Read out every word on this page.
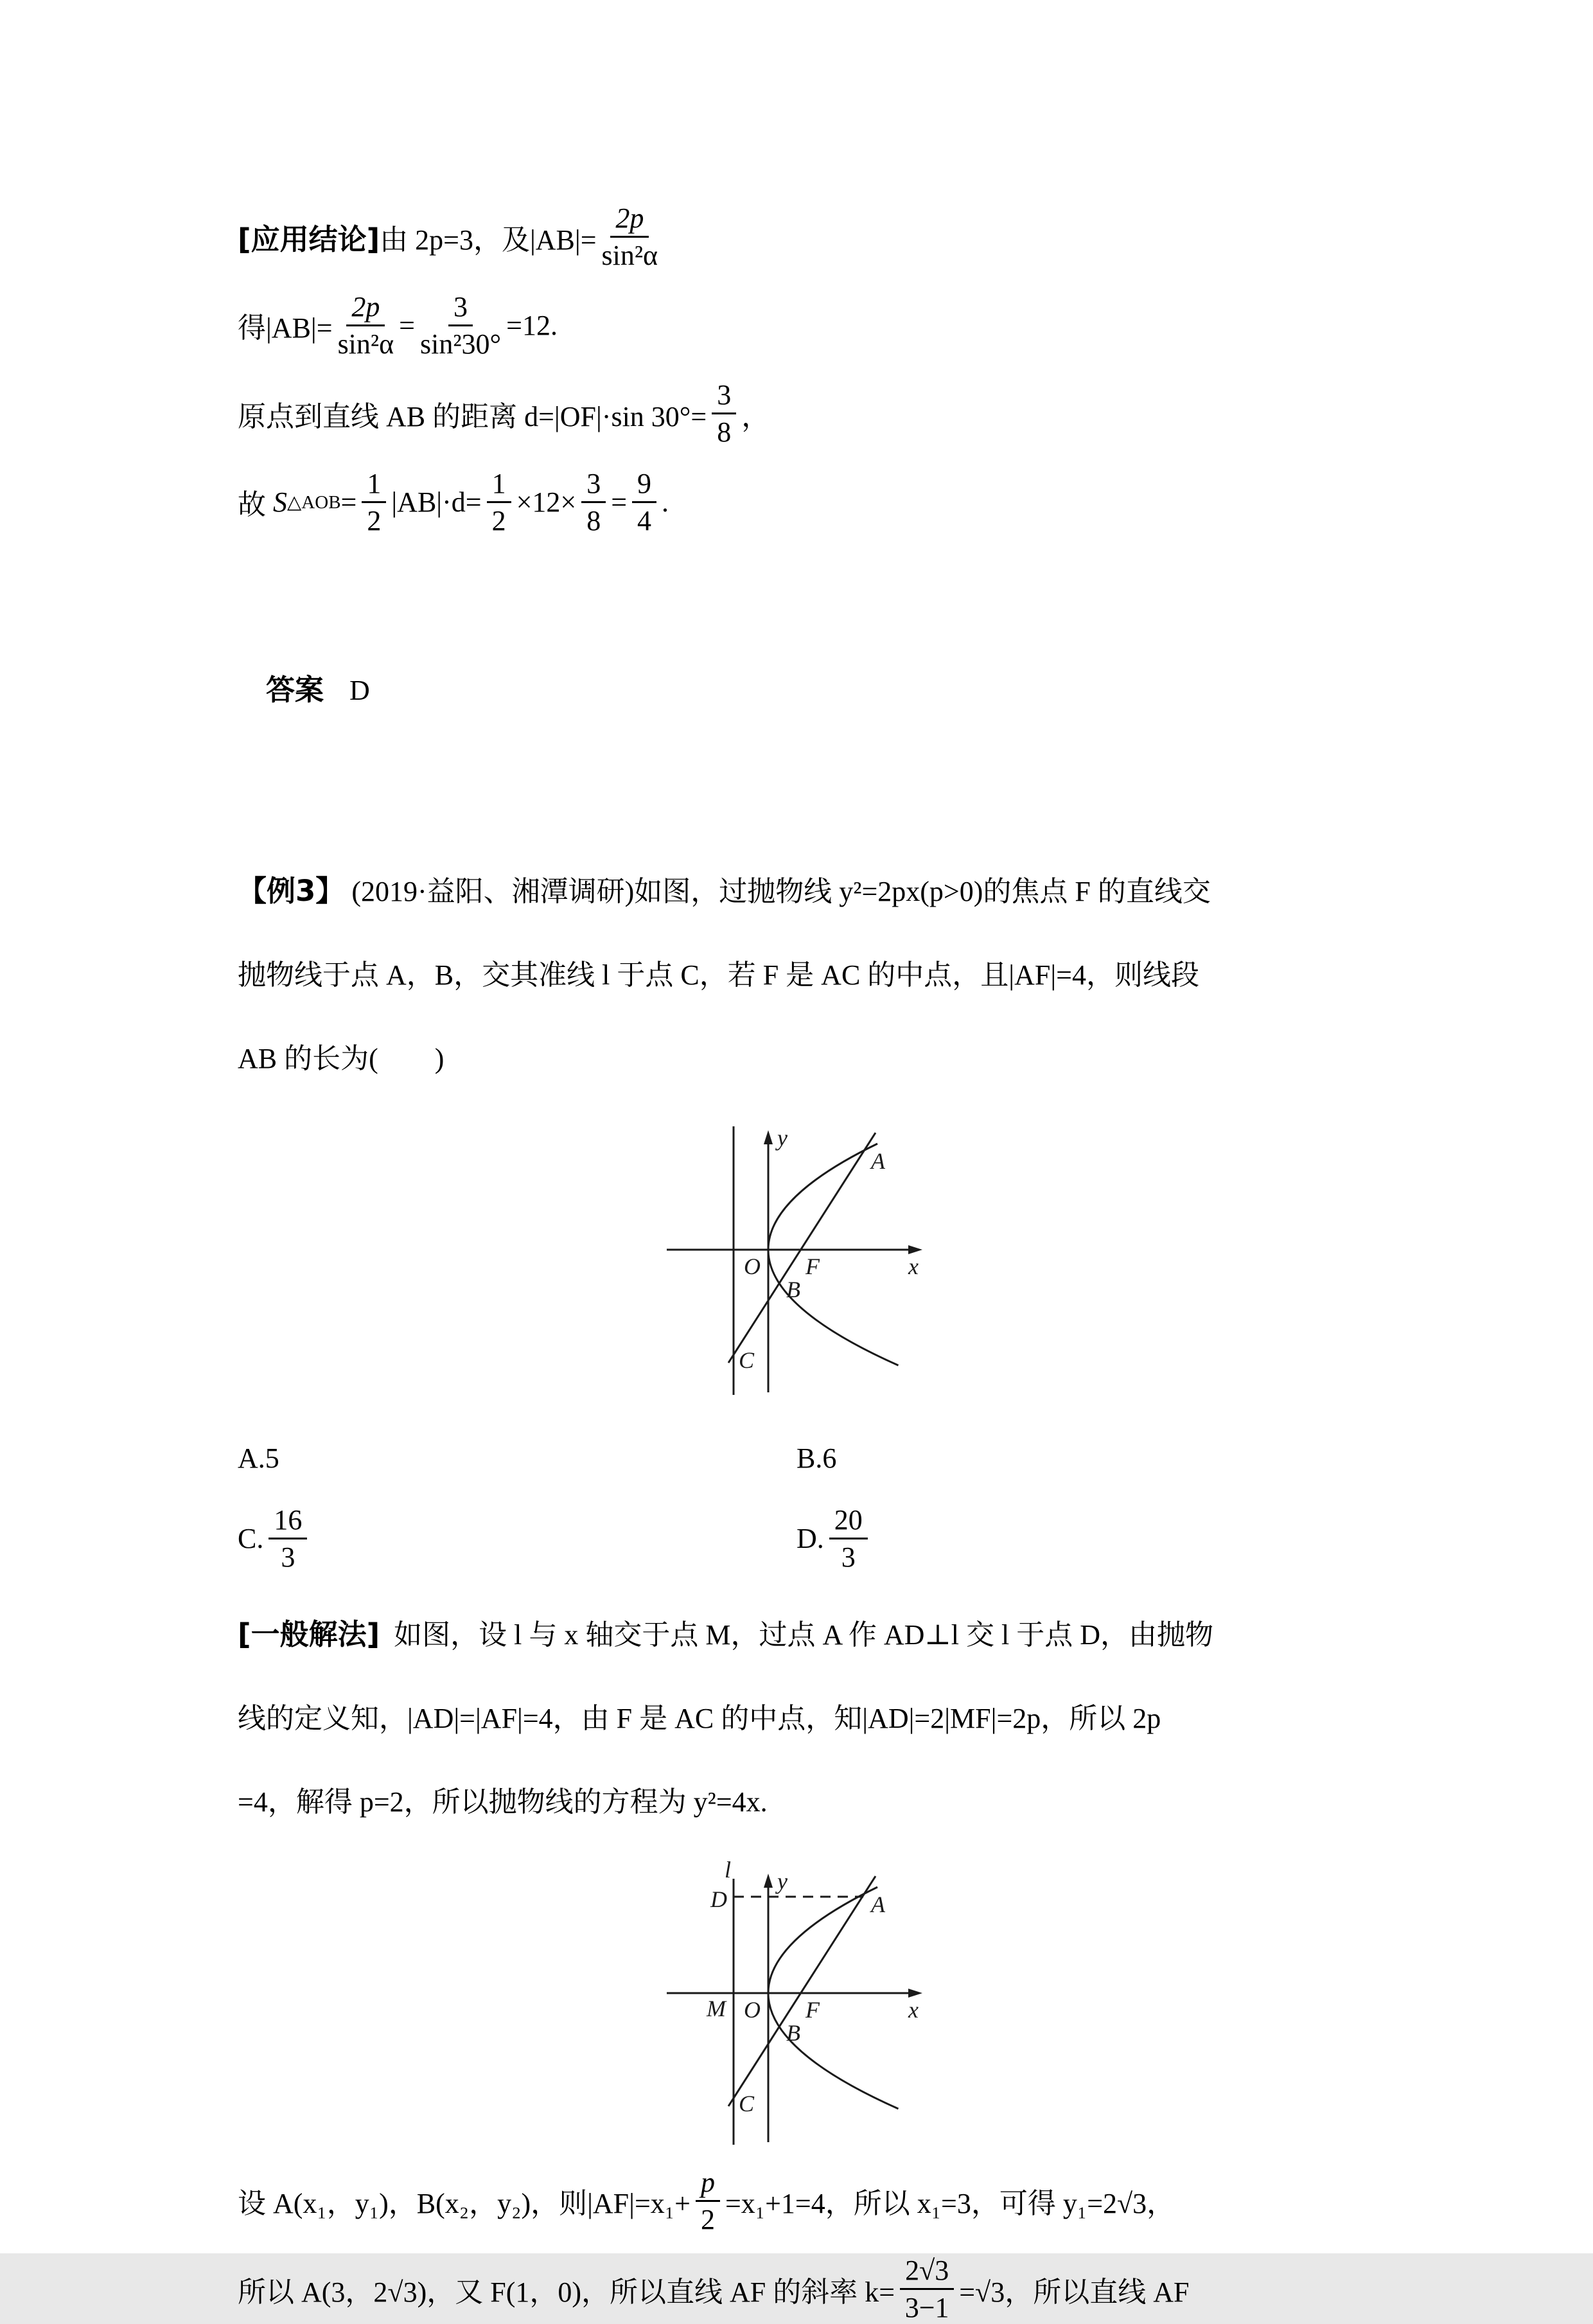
[应用结论] 由 2p=3，及$|AB|= \frac{2p}{\text{sin²α}}$

得$|AB|= \frac{2p}{\text{sin²α}} = \frac{3}{\text{sin²30°}} =12$.

原点到直线 AB 的距离 d=|OF|·sin $30^\circ= \frac{3}{8}$ ，

故 S △AOB = $\frac{1}{2} |AB|\cdot d= \frac{1}{2} \times 12\times \frac{3}{8} = \frac{9}{4}$ .

答案 D

【例3】 (2019·益阳、湘潭调研)如图，过抛物线 y²=2px(p>0)的焦点 F 的直线交

抛物线于点 A，B，交其准线 l 于点 C，若 F 是 AC 的中点，且|AF|=4，则线段

AB 的长为(　　)

y
x
O F
A
B
C
A. 5	B. 6
C. $\frac{16}{3}$	D. $\frac{20}{3}$

[一般解法]  如图，设 l 与 x 轴交于点 M，过点 A 作 AD⊥l 交 l 于点 D，由抛物

线的定义知，|AD|=|AF|=4，由 F 是 AC 的中点，知|AD|=2|MF|=2p，所以 2p

=4，解得 p=2，所以抛物线的方程为 y²=4x.

l
D
y
x
M O F
A
B
C

设 A(x₁，y₁)，B(x₂，y₂)，则$|AF|=x_1+ \frac{p}{2} =x_1+1=4$，所以 x₁=3，可得 y₁=2√3，

所以 A(3，2√3)，又 F(1，0)，所以直线 AF 的斜率 $k= \frac{2√3}{3-1} =√3$，所以直线 AF
